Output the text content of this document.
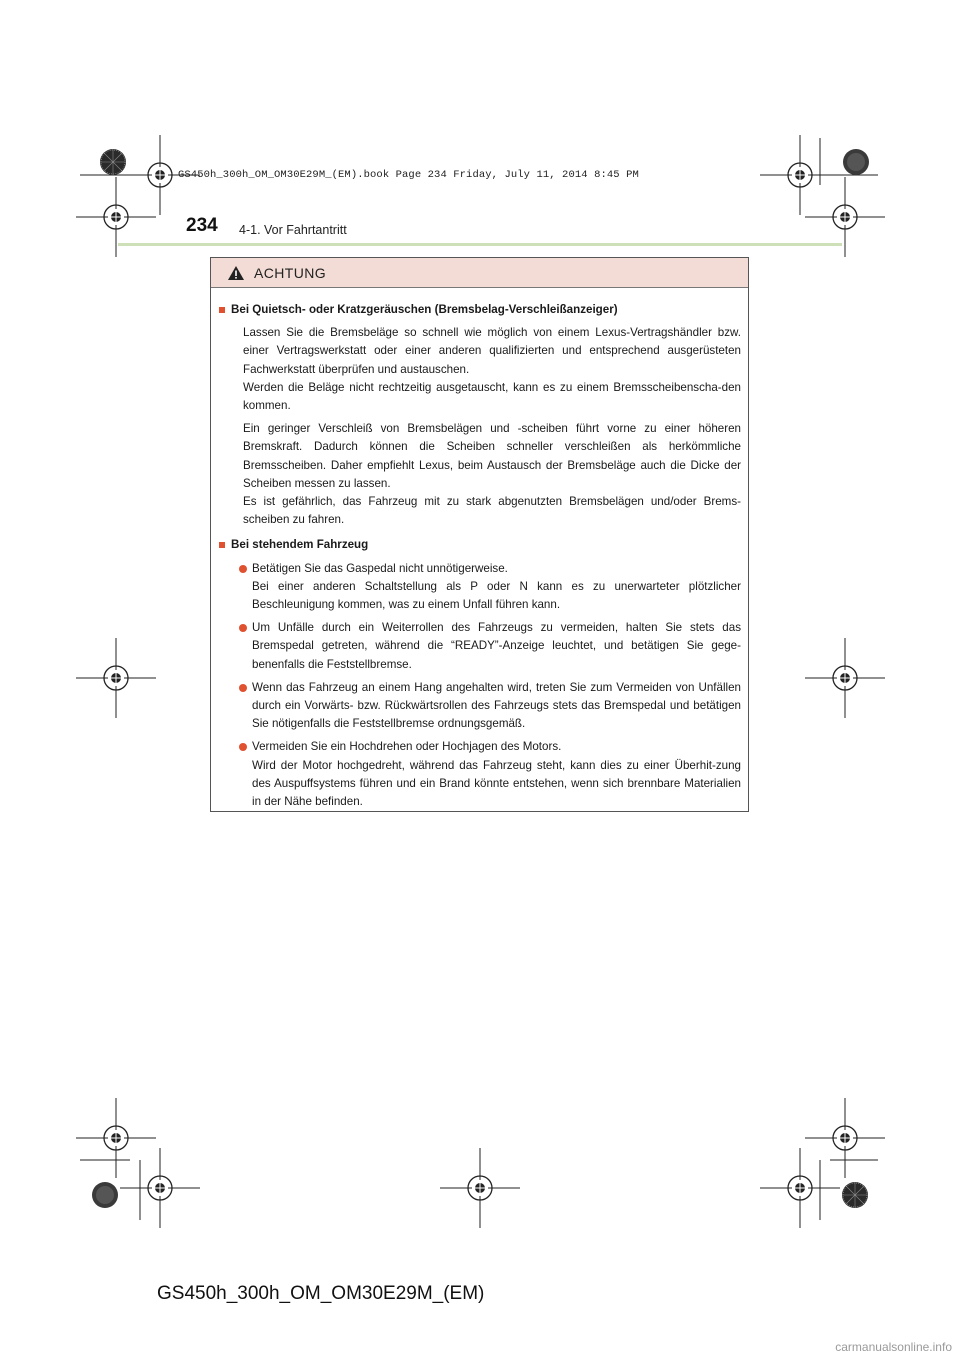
GS450h_300h_OM_OM30E29M_(EM).book Page 234 Friday, July 11, 2014 8:45 PM
234 4-1. Vor Fahrtantritt
ACHTUNG
Bei Quietsch- oder Kratzgeräuschen (Bremsbelag-Verschleißanzeiger)
Lassen Sie die Bremsbeläge so schnell wie möglich von einem Lexus-Vertragshändler bzw. einer Vertragswerkstatt oder einer anderen qualifizierten und entsprechend ausgerüsteten Fachwerkstatt überprüfen und austauschen.
Werden die Beläge nicht rechtzeitig ausgetauscht, kann es zu einem Bremsscheibenscha-den kommen.
Ein geringer Verschleiß von Bremsbelägen und -scheiben führt vorne zu einer höheren Bremskraft. Dadurch können die Scheiben schneller verschleißen als herkömmliche Bremsscheiben. Daher empfiehlt Lexus, beim Austausch der Bremsbeläge auch die Dicke der Scheiben messen zu lassen.
Es ist gefährlich, das Fahrzeug mit zu stark abgenutzten Bremsbelägen und/oder Brems-scheiben zu fahren.
Bei stehendem Fahrzeug
Betätigen Sie das Gaspedal nicht unnötigerweise.
Bei einer anderen Schaltstellung als P oder N kann es zu unerwarteter plötzlicher Beschleunigung kommen, was zu einem Unfall führen kann.
Um Unfälle durch ein Weiterrollen des Fahrzeugs zu vermeiden, halten Sie stets das Bremspedal getreten, während die “READY”-Anzeige leuchtet, und betätigen Sie gege-benenfalls die Feststellbremse.
Wenn das Fahrzeug an einem Hang angehalten wird, treten Sie zum Vermeiden von Unfällen durch ein Vorwärts- bzw. Rückwärtsrollen des Fahrzeugs stets das Bremspedal und betätigen Sie nötigenfalls die Feststellbremse ordnungsgemäß.
Vermeiden Sie ein Hochdrehen oder Hochjagen des Motors.
Wird der Motor hochgedreht, während das Fahrzeug steht, kann dies zu einer Überhit-zung des Auspuffsystems führen und ein Brand könnte entstehen, wenn sich brennbare Materialien in der Nähe befinden.
GS450h_300h_OM_OM30E29M_(EM)
carmanualsonline.info
